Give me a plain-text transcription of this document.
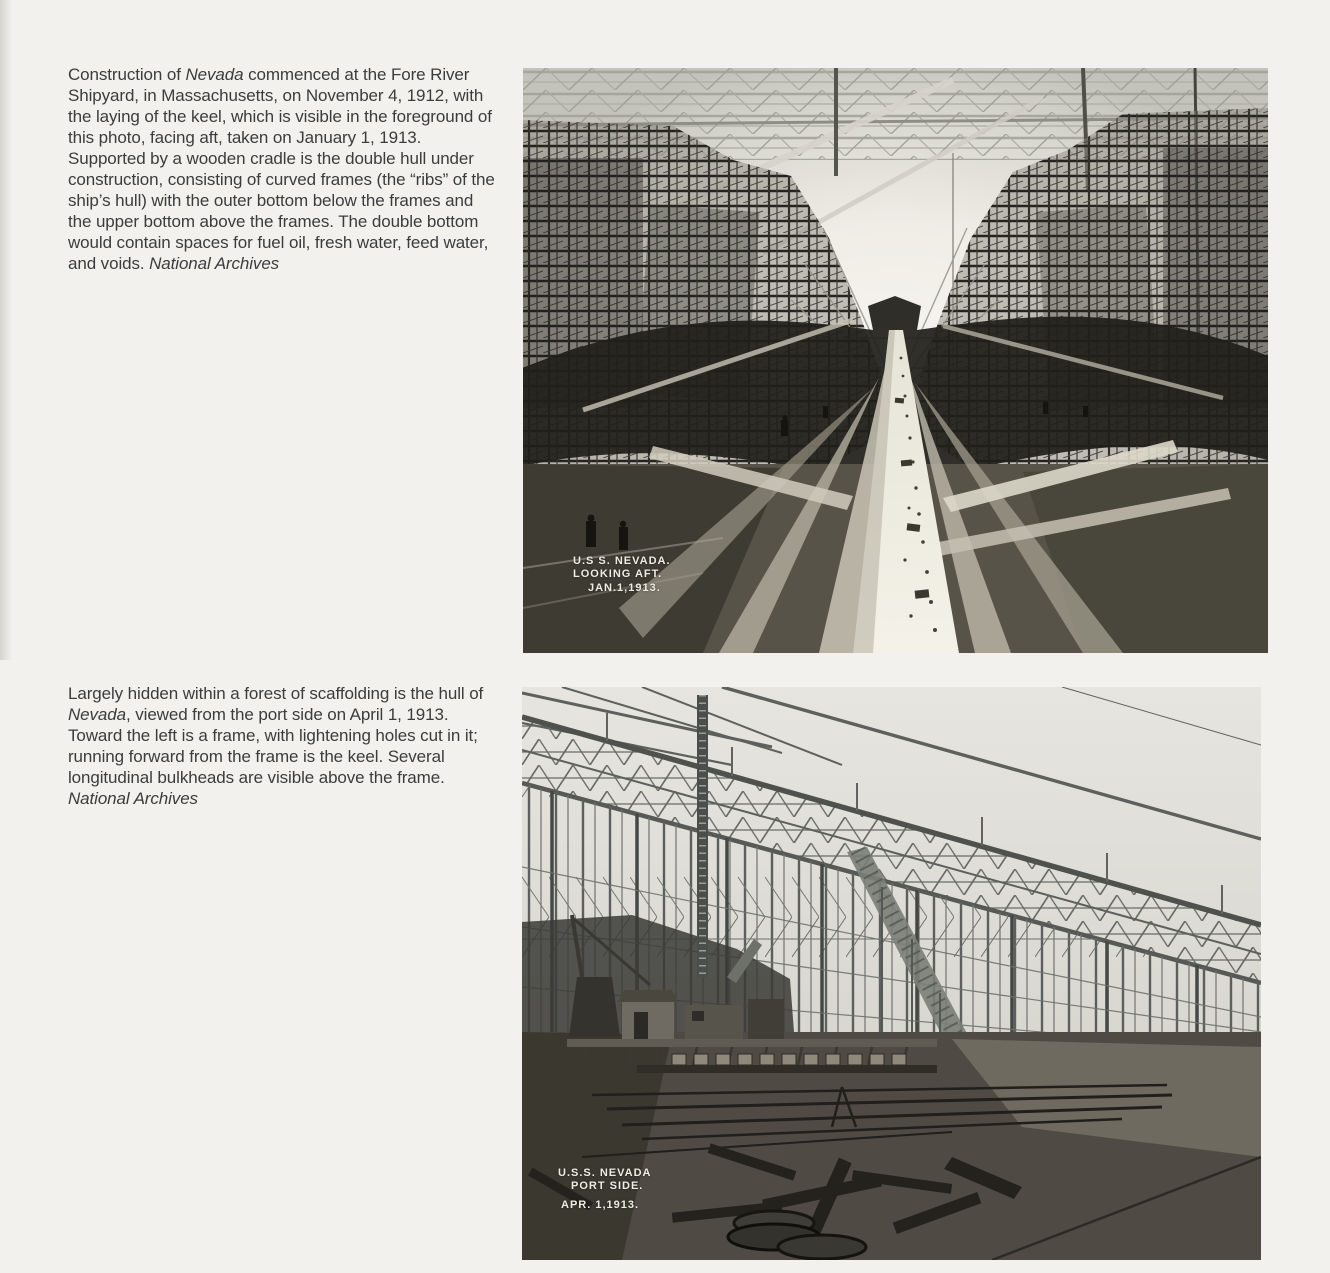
Construction of Nevada commenced at the Fore River Shipyard, in Massachusetts, on November 4, 1912, with the laying of the keel, which is visible in the foreground of this photo, facing aft, taken on January 1, 1913. Supported by a wooden cradle is the double hull under construction, consisting of curved frames (the “ribs” of the ship’s hull) with the outer bottom below the frames and the upper bottom above the frames. The double bottom would contain spaces for fuel oil, fresh water, feed water, and voids. National Archives

U.S S. NEVADA.
LOOKING AFT.
JAN.1,1913.

Largely hidden within a forest of scaffolding is the hull of Nevada, viewed from the port side on April 1, 1913. Toward the left is a frame, with lightening holes cut in it; running forward from the frame is the keel. Several longitudinal bulkheads are visible above the frame.
National Archives

U.S.S. NEVADA
PORT SIDE.
APR. 1,1913.
